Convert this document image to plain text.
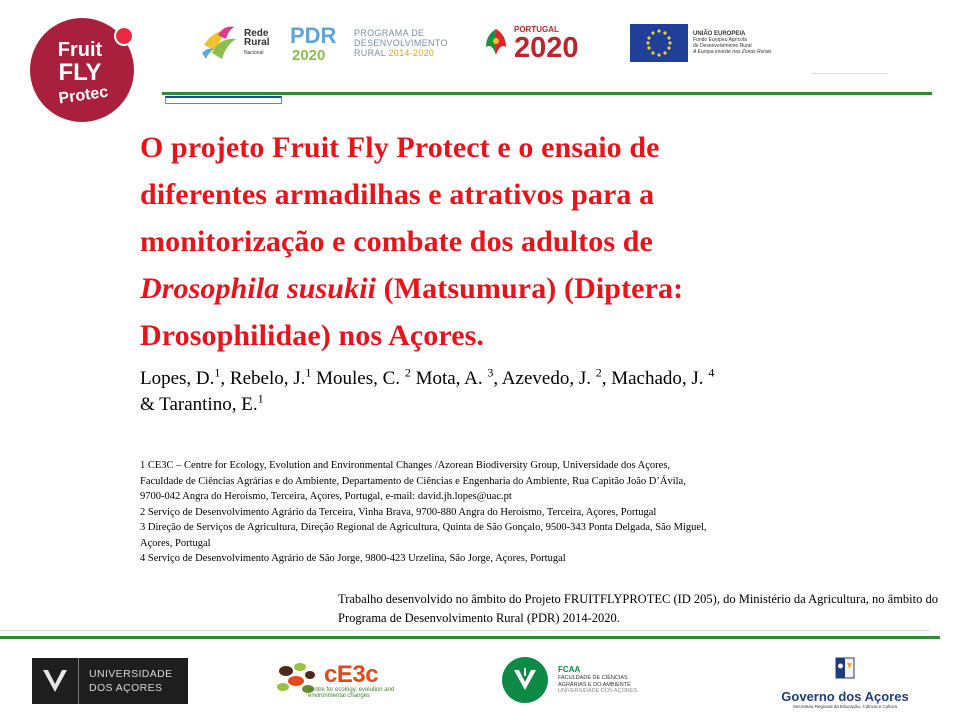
Fruit
FLY
Protec
Rede
Rural
Nacional
PDR
2020
PROGRAMA DE
DESENVOLVIMENTO
RURAL 2014-2020
PORTUGAL
2020	UNIÃO EUROPEIA
Fundo Europeu Agrícola
de Desenvolvimento Rural
A Europa investe nas Zonas Rurais
O projeto Fruit Fly Protect e o ensaio de
diferentes armadilhas e atrativos para a
monitorização e combate dos adultos de
Drosophila susukii (Matsumura) (Diptera:
Drosophilidae) nos Açores.
Lopes, D.$^1$, Rebelo, J.$^1$ Moules, C. $^2$ Mota, A. $^3$, Azevedo, J. $^2$, Machado, J. $^4$
& Tarantino, E.$^1$
1 CE3C – Centre for Ecology, Evolution and Environmental Changes /Azorean Biodiversity Group, Universidade dos Açores,
Faculdade de Ciências Agrárias e do Ambiente, Departamento de Ciências e Engenharia do Ambiente, Rua Capitão João D’Ávila,
9700-042 Angra do Heroismo, Terceira, Açores, Portugal, e-mail: david.jh.lopes@uac.pt
2 Serviço de Desenvolvimento Agrário da Terceira, Vinha Brava, 9700-880 Angra do Heroismo, Terceira, Açores, Portugal
3 Direção de Serviços de Agricultura, Direção Regional de Agricultura, Quinta de São Gonçalo, 9500-343 Ponta Delgada, São Miguel,
Açores, Portugal
4 Serviço de Desenvolvimento Agrário de São Jorge, 9800-423 Urzelina, São Jorge, Açores, Portugal
Trabalho desenvolvido no âmbito do Projeto FRUITFLYPROTEC (ID 205), do Ministério da Agricultura, no âmbito do Programa de Desenvolvimento Rural (PDR) 2014-2020.
UNIVERSIDADE
DOS AÇORES	cE3c
centre for ecology, evolution and environmental changes
FCAA
FACULDADE DE CIÊNCIAS
AGRÁRIAS E DO AMBIENTE
UNIVERSIDADE DOS AÇORES	Governo dos Açores
Secretaria Regional da Educação, Ciência e Cultura
